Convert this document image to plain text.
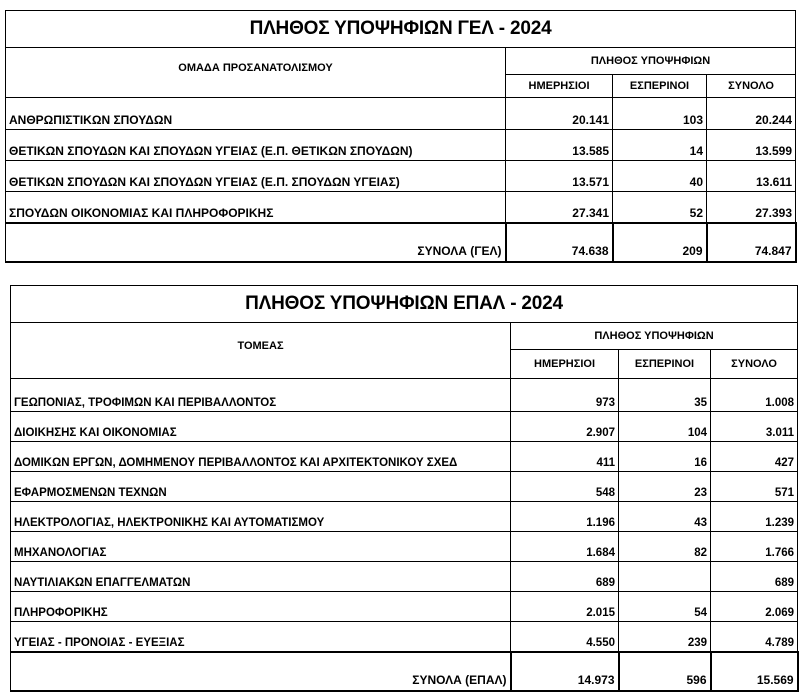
ΠΛΗΘΟΣ ΥΠΟΨΗΦΙΩΝ ΓΕΛ - 2024			
ΟΜΑΔΑ ΠΡΟΣΑΝΑΤΟΛΙΣΜΟΥ	ΠΛΗΘΟΣ ΥΠΟΨΗΦΙΩΝ		
	ΗΜΕΡΗΣΙΟΙ	ΕΣΠΕΡΙΝΟΙ	ΣΥΝΟΛΟ
ΑΝΘΡΩΠΙΣΤΙΚΩΝ ΣΠΟΥΔΩΝ	20.141	103	20.244
ΘΕΤΙΚΩΝ ΣΠΟΥΔΩΝ ΚΑΙ ΣΠΟΥΔΩΝ ΥΓΕΙΑΣ (Ε.Π. ΘΕΤΙΚΩΝ ΣΠΟΥΔΩΝ)	13.585	14	13.599
ΘΕΤΙΚΩΝ ΣΠΟΥΔΩΝ ΚΑΙ ΣΠΟΥΔΩΝ ΥΓΕΙΑΣ (Ε.Π. ΣΠΟΥΔΩΝ ΥΓΕΙΑΣ)	13.571	40	13.611
ΣΠΟΥΔΩΝ ΟΙΚΟΝΟΜΙΑΣ ΚΑΙ ΠΛΗΡΟΦΟΡΙΚΗΣ	27.341	52	27.393
ΣΥΝΟΛΑ (ΓΕΛ)	74.638	209	74.847
ΠΛΗΘΟΣ ΥΠΟΨΗΦΙΩΝ ΕΠΑΛ - 2024			
ΤΟΜΕΑΣ	ΠΛΗΘΟΣ ΥΠΟΨΗΦΙΩΝ		
	ΗΜΕΡΗΣΙΟΙ	ΕΣΠΕΡΙΝΟΙ	ΣΥΝΟΛΟ
ΓΕΩΠΟΝΙΑΣ, ΤΡΟΦΙΜΩΝ ΚΑΙ ΠΕΡΙΒΑΛΛΟΝΤΟΣ	973	35	1.008
ΔΙΟΙΚΗΣΗΣ ΚΑΙ ΟΙΚΟΝΟΜΙΑΣ	2.907	104	3.011
ΔΟΜΙΚΩΝ ΕΡΓΩΝ, ΔΟΜΗΜΕΝΟΥ ΠΕΡΙΒΑΛΛΟΝΤΟΣ ΚΑΙ ΑΡΧΙΤΕΚΤΟΝΙΚΟΥ ΣΧΕΔ	411	16	427
ΕΦΑΡΜΟΣΜΕΝΩΝ ΤΕΧΝΩΝ	548	23	571
ΗΛΕΚΤΡΟΛΟΓΙΑΣ, ΗΛΕΚΤΡΟΝΙΚΗΣ ΚΑΙ ΑΥΤΟΜΑΤΙΣΜΟΥ	1.196	43	1.239
ΜΗΧΑΝΟΛΟΓΙΑΣ	1.684	82	1.766
ΝΑΥΤΙΛΙΑΚΩΝ ΕΠΑΓΓΕΛΜΑΤΩΝ	689		689
ΠΛΗΡΟΦΟΡΙΚΗΣ	2.015	54	2.069
ΥΓΕΙΑΣ - ΠΡΟΝΟΙΑΣ - ΕΥΕΞΙΑΣ	4.550	239	4.789
ΣΥΝΟΛΑ (ΕΠΑΛ)	14.973	596	15.569
